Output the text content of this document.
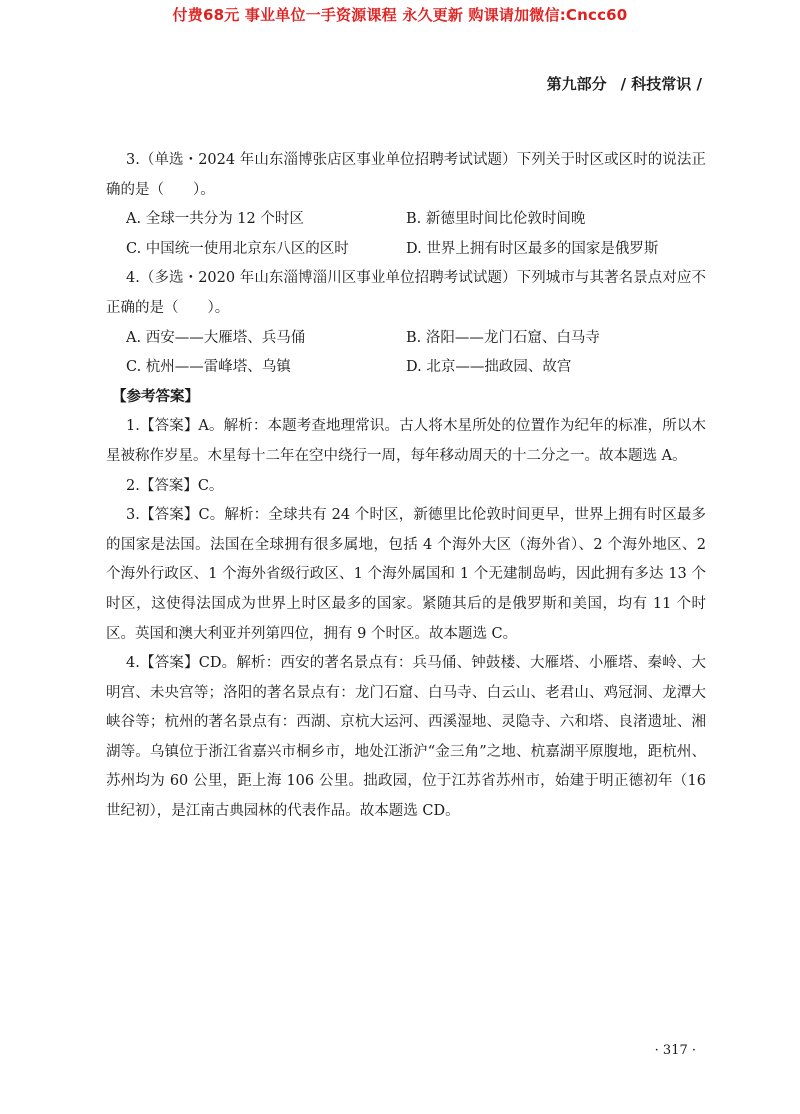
付费68元 事业单位一手资源课程 永久更新 购课请加微信:Cncc60
第九部分 / 科技常识 /

3.（单选・2024 年山东淄博张店区事业单位招聘考试试题）下列关于时区或区时的说法正确的是（　　）。

A. 全球一共分为 12 个时区	B. 新德里时间比伦敦时间晚
C. 中国统一使用北京东八区的区时	D. 世界上拥有时区最多的国家是俄罗斯

4.（多选・2020 年山东淄博淄川区事业单位招聘考试试题）下列城市与其著名景点对应不正确的是（　　）。

A. 西安——大雁塔、兵马俑	B. 洛阳——龙门石窟、白马寺
C. 杭州——雷峰塔、乌镇	D. 北京——拙政园、故宫

【参考答案】

1.【答案】A。解析：本题考查地理常识。古人将木星所处的位置作为纪年的标准，所以木星被称作岁星。木星每十二年在空中绕行一周，每年移动周天的十二分之一。故本题选 A。

2.【答案】C。

3.【答案】C。解析：全球共有 24 个时区，新德里比伦敦时间更早，世界上拥有时区最多的国家是法国。法国在全球拥有很多属地，包括 4 个海外大区（海外省）、2 个海外地区、2 个海外行政区、1 个海外省级行政区、1 个海外属国和 1 个无建制岛屿，因此拥有多达 13 个时区，这使得法国成为世界上时区最多的国家。紧随其后的是俄罗斯和美国，均有 11 个时区。英国和澳大利亚并列第四位，拥有 9 个时区。故本题选 C。

4.【答案】CD。解析：西安的著名景点有：兵马俑、钟鼓楼、大雁塔、小雁塔、秦岭、大明宫、未央宫等；洛阳的著名景点有：龙门石窟、白马寺、白云山、老君山、鸡冠洞、龙潭大峡谷等；杭州的著名景点有：西湖、京杭大运河、西溪湿地、灵隐寺、六和塔、良渚遗址、湘湖等。乌镇位于浙江省嘉兴市桐乡市，地处江浙沪“金三角”之地、杭嘉湖平原腹地，距杭州、苏州均为 60 公里，距上海 106 公里。拙政园，位于江苏省苏州市，始建于明正德初年（16 世纪初），是江南古典园林的代表作品。故本题选 CD。

· 317 ·
